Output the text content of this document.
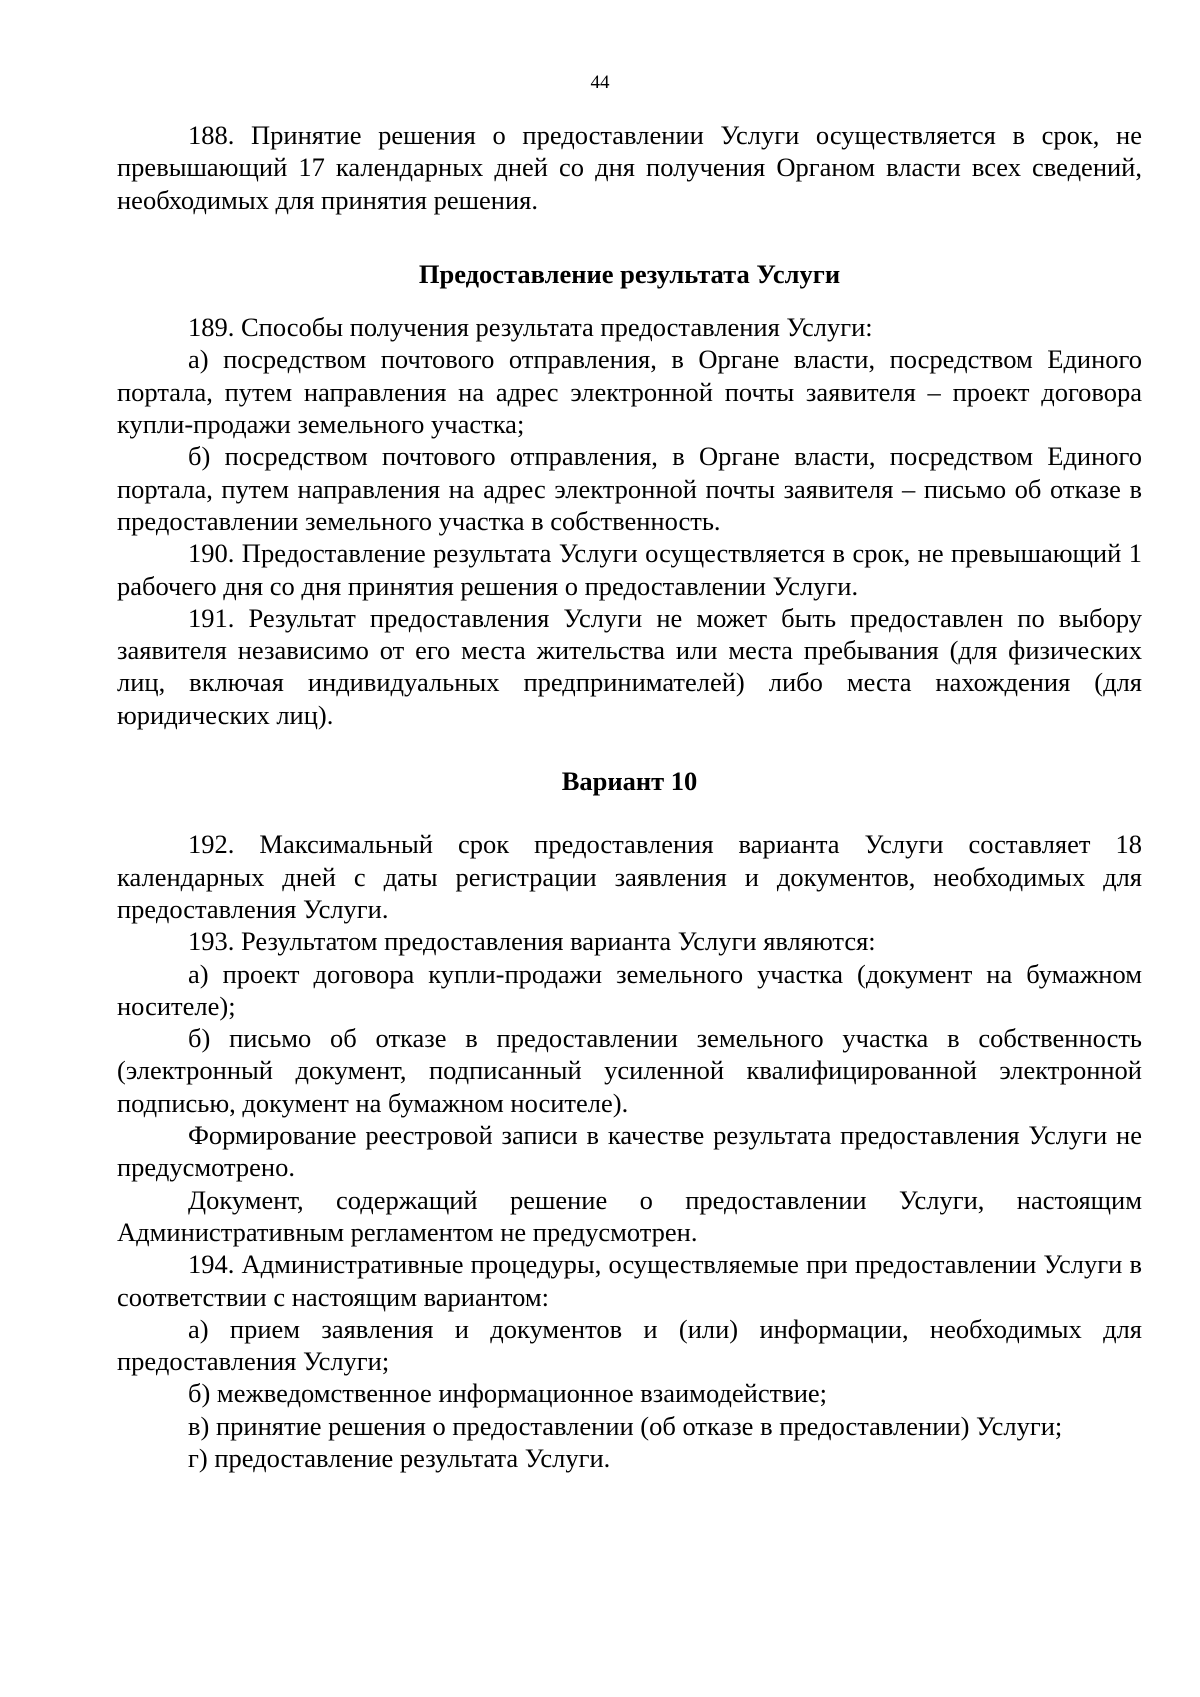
44

188. Принятие решения о предоставлении Услуги осуществляется в срок, не превышающий 17 календарных дней со дня получения Органом власти всех сведений, необходимых для принятия решения.

Предоставление результата Услуги

189. Способы получения результата предоставления Услуги:

а) посредством почтового отправления, в Органе власти, посредством Единого портала, путем направления на адрес электронной почты заявителя – проект договора купли-продажи земельного участка;

б) посредством почтового отправления, в Органе власти, посредством Единого портала, путем направления на адрес электронной почты заявителя – письмо об отказе в предоставлении земельного участка в собственность.

190. Предоставление результата Услуги осуществляется в срок, не превышающий 1 рабочего дня со дня принятия решения о предоставлении Услуги.

191. Результат предоставления Услуги не может быть предоставлен по выбору заявителя независимо от его места жительства или места пребывания (для физических лиц, включая индивидуальных предпринимателей) либо места нахождения (для юридических лиц).

Вариант 10

192. Максимальный срок предоставления варианта Услуги составляет 18 календарных дней с даты регистрации заявления и документов, необходимых для предоставления Услуги.

193. Результатом предоставления варианта Услуги являются:

а) проект договора купли-продажи земельного участка (документ на бумажном носителе);

б) письмо об отказе в предоставлении земельного участка в собственность (электронный документ, подписанный усиленной квалифицированной электронной подписью, документ на бумажном носителе).

Формирование реестровой записи в качестве результата предоставления Услуги не предусмотрено.

Документ, содержащий решение о предоставлении Услуги, настоящим Административным регламентом не предусмотрен.

194. Административные процедуры, осуществляемые при предоставлении Услуги в соответствии с настоящим вариантом:

а) прием заявления и документов и (или) информации, необходимых для предоставления Услуги;

б) межведомственное информационное взаимодействие;

в) принятие решения о предоставлении (об отказе в предоставлении) Услуги;

г) предоставление результата Услуги.
